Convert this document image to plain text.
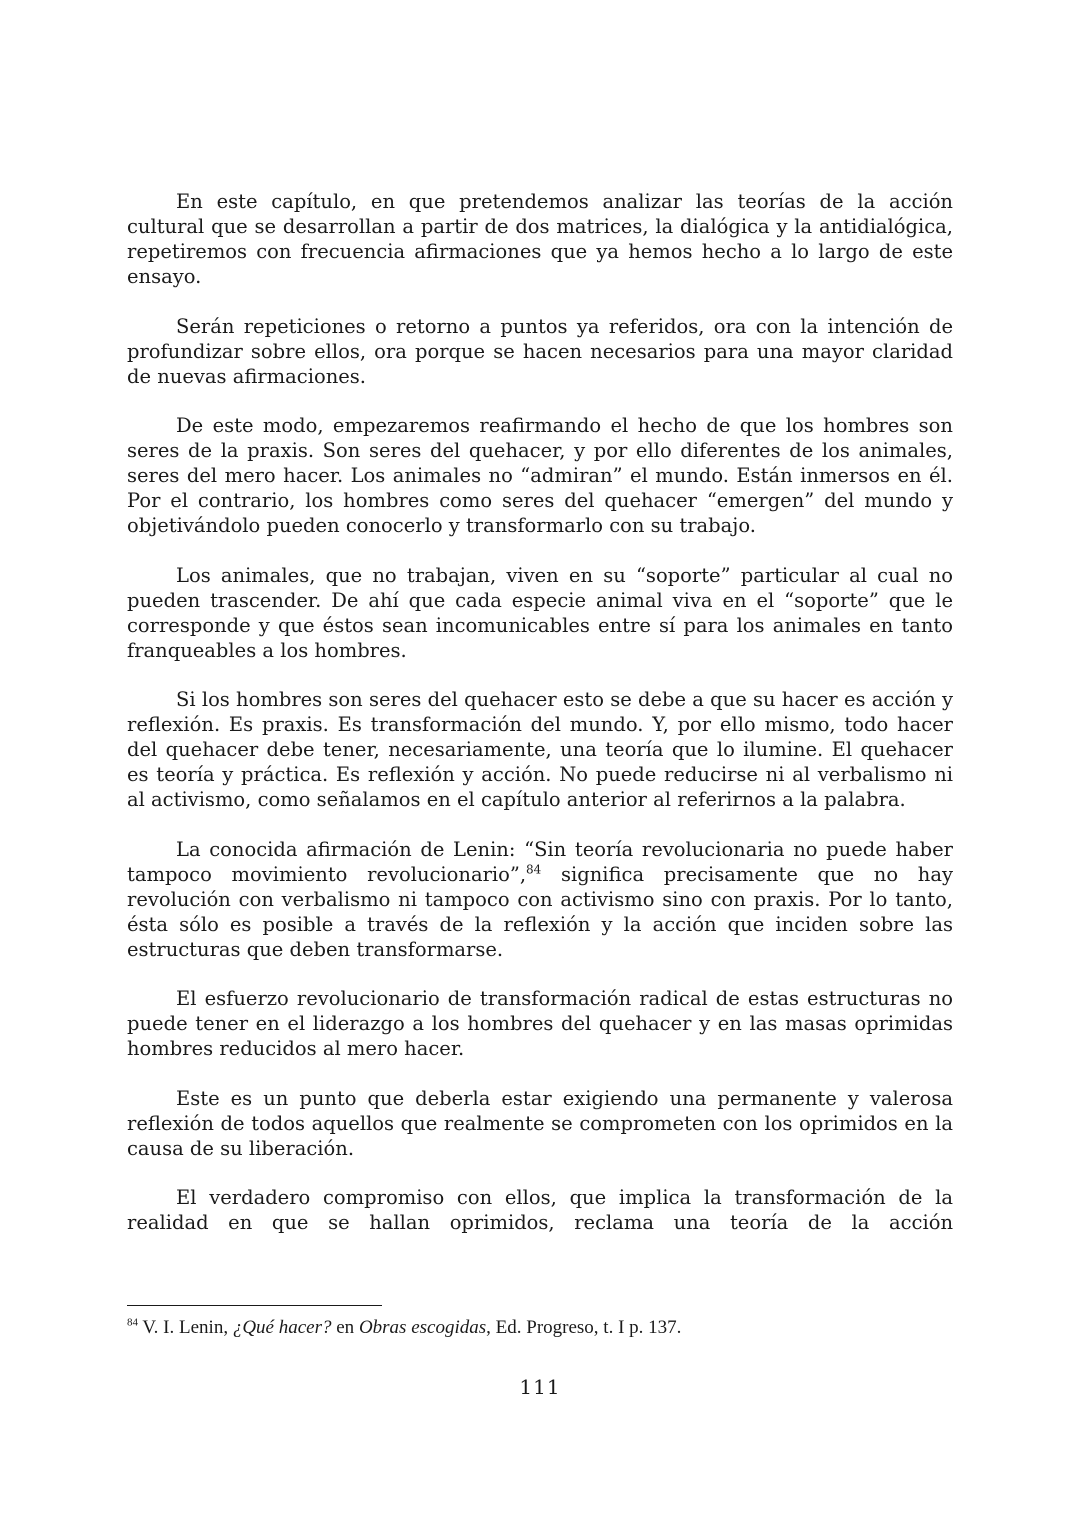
En este capítulo, en que pretendemos analizar las teorías de la acción cultural que se desarrollan a partir de dos matrices, la dialógica y la antidialógica, repetiremos con frecuencia afirmaciones que ya hemos hecho a lo largo de este ensayo.

Serán repeticiones o retorno a puntos ya referidos, ora con la intención de profundizar sobre ellos, ora porque se hacen necesarios para una mayor claridad de nuevas afirmaciones.

De este modo, empezaremos reafirmando el hecho de que los hombres son seres de la praxis. Son seres del quehacer, y por ello diferentes de los animales, seres del mero hacer. Los animales no “admiran” el mundo. Están inmersos en él. Por el contrario, los hombres como seres del quehacer “emergen” del mundo y objetivándolo pueden conocerlo y transformarlo con su trabajo.

Los animales, que no trabajan, viven en su “soporte” particular al cual no pueden trascender. De ahí que cada especie animal viva en el “soporte” que le corresponde y que éstos sean incomunicables entre sí para los animales en tanto franqueables a los hombres.

Si los hombres son seres del quehacer esto se debe a que su hacer es acción y reflexión. Es praxis. Es transformación del mundo. Y, por ello mismo, todo hacer del quehacer debe tener, necesariamente, una teoría que lo ilumine. El quehacer es teoría y práctica. Es reflexión y acción. No puede reducirse ni al verbalismo ni al activismo, como señalamos en el capítulo anterior al referirnos a la palabra.

La conocida afirmación de Lenin: “Sin teoría revolucionaria no puede haber tampoco movimiento revolucionario”,$^{84}$ significa precisamente que no hay revolución con verbalismo ni tampoco con activismo sino con praxis. Por lo tanto, ésta sólo es posible a través de la reflexión y la acción que inciden sobre las estructuras que deben transformarse.

El esfuerzo revolucionario de transformación radical de estas estructuras no puede tener en el liderazgo a los hombres del quehacer y en las masas oprimidas hombres reducidos al mero hacer.

Este es un punto que deberla estar exigiendo una permanente y valerosa reflexión de todos aquellos que realmente se comprometen con los oprimidos en la causa de su liberación.

El verdadero compromiso con ellos, que implica la transformación de la realidad en que se hallan oprimidos, reclama una teoría de la acción

$^{84}$ V. I. Lenin, ¿Qué hacer? en Obras escogidas, Ed. Progreso, t. I p. 137.
111
